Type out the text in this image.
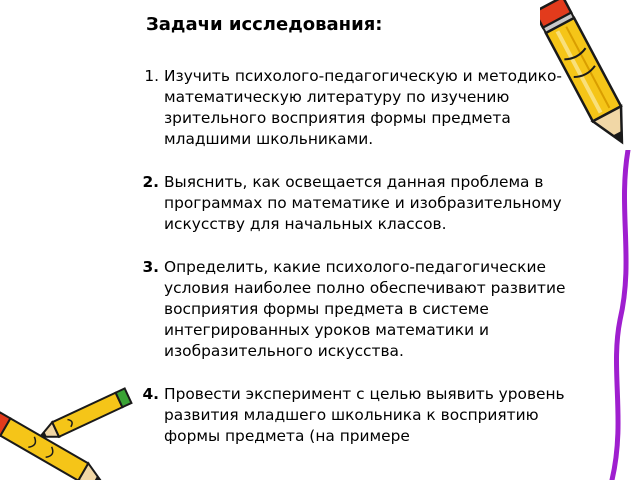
Задачи исследования:
1. Изучить психолого-педагогическую и методико-математическую литературу по изучению зрительного восприятия формы предмета младшими школьниками.
2. Выяснить, как освещается данная проблема в программах по математике и изобразительному искусству для начальных классов.
3. Определить, какие психолого-педагогические условия наиболее полно обеспечивают развитие восприятия формы предмета в системе интегрированных уроков математики и изобразительного искусства.
4. Провести эксперимент с целью выявить уровень развития младшего школьника к восприятию формы предмета (на примере
